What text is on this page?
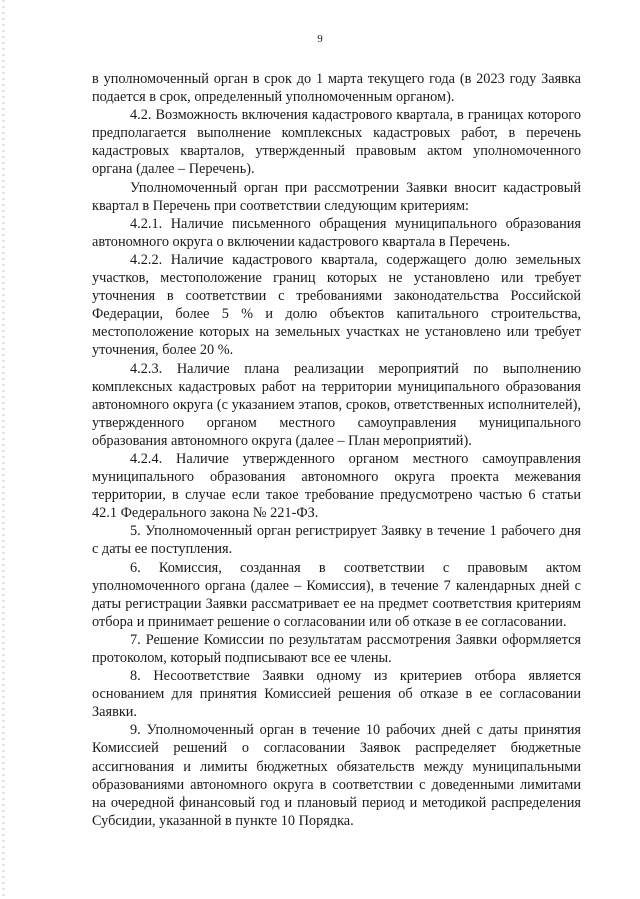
9

в уполномоченный орган в срок до 1 марта текущего года (в 2023 году Заявка подается в срок, определенный уполномоченным органом).

4.2. Возможность включения кадастрового квартала, в границах которого предполагается выполнение комплексных кадастровых работ, в перечень кадастровых кварталов, утвержденный правовым актом уполномоченного органа (далее – Перечень).

Уполномоченный орган при рассмотрении Заявки вносит кадастровый квартал в Перечень при соответствии следующим критериям:

4.2.1. Наличие письменного обращения муниципального образования автономного округа о включении кадастрового квартала в Перечень.

4.2.2. Наличие кадастрового квартала, содержащего долю земельных участков, местоположение границ которых не установлено или требует уточнения в соответствии с требованиями законодательства Российской Федерации, более 5 % и долю объектов капитального строительства, местоположение которых на земельных участках не установлено или требует уточнения, более 20 %.

4.2.3. Наличие плана реализации мероприятий по выполнению комплексных кадастровых работ на территории муниципального образования автономного округа (с указанием этапов, сроков, ответственных исполнителей), утвержденного органом местного самоуправления муниципального образования автономного округа (далее – План мероприятий).

4.2.4. Наличие утвержденного органом местного самоуправления муниципального образования автономного округа проекта межевания территории, в случае если такое требование предусмотрено частью 6 статьи 42.1 Федерального закона № 221-ФЗ.

5. Уполномоченный орган регистрирует Заявку в течение 1 рабочего дня с даты ее поступления.

6. Комиссия, созданная в соответствии с правовым актом уполномоченного органа (далее – Комиссия), в течение 7 календарных дней с даты регистрации Заявки рассматривает ее на предмет соответствия критериям отбора и принимает решение о согласовании или об отказе в ее согласовании.

7. Решение Комиссии по результатам рассмотрения Заявки оформляется протоколом, который подписывают все ее члены.

8. Несоответствие Заявки одному из критериев отбора является основанием для принятия Комиссией решения об отказе в ее согласовании Заявки.

9. Уполномоченный орган в течение 10 рабочих дней с даты принятия Комиссией решений о согласовании Заявок распределяет бюджетные ассигнования и лимиты бюджетных обязательств между муниципальными образованиями автономного округа в соответствии с доведенными лимитами на очередной финансовый год и плановый период и методикой распределения Субсидии, указанной в пункте 10 Порядка.
